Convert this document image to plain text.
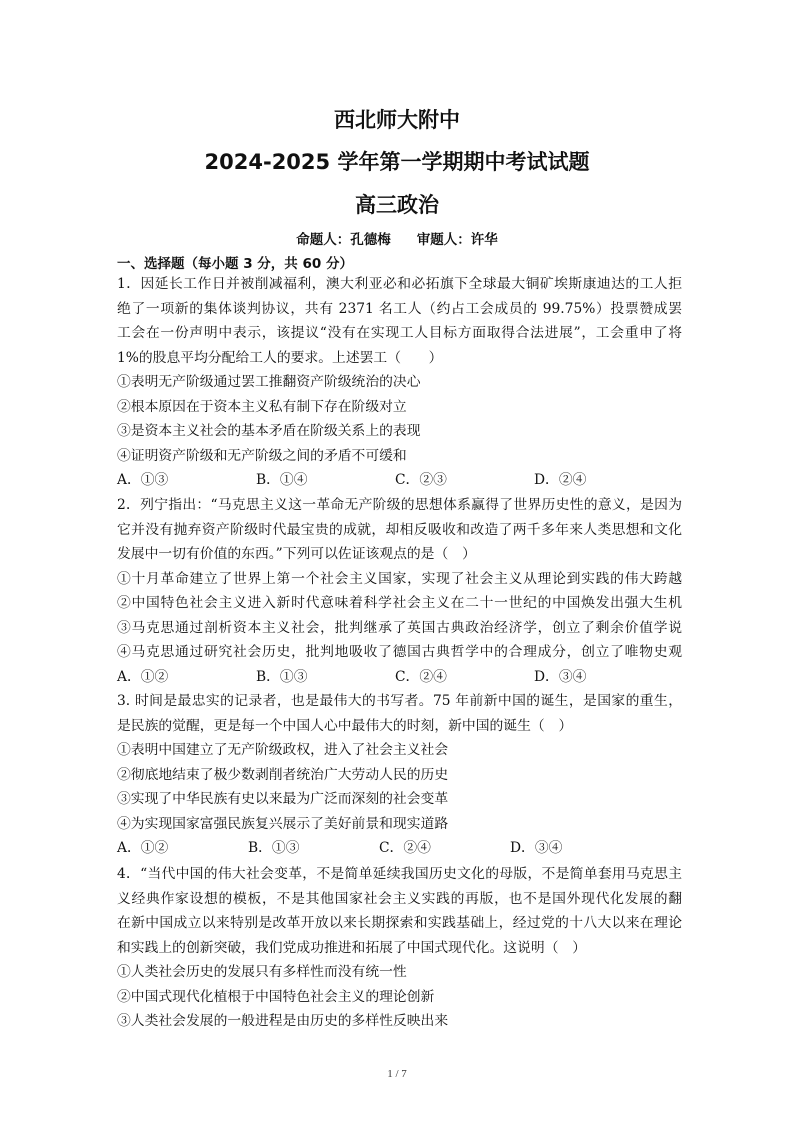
西北师大附中
2024-2025 学年第一学期期中考试试题
高三政治
命题人：孔德梅 审题人：许华
一、选择题（每小题 3 分，共 60 分）
1．因延长工作日并被削减福利，澳大利亚必和必拓旗下全球最大铜矿埃斯康迪达的工人拒
绝了一项新的集体谈判协议，共有 2371 名工人（约占工会成员的 99.75%）投票赞成罢
工会在一份声明中表示，该提议“没有在实现工人目标方面取得合法进展”，工会重申了将
1%的股息平均分配给工人的要求。上述罢工（　　）
①表明无产阶级通过罢工推翻资产阶级统治的决心
②根本原因在于资本主义私有制下存在阶级对立
③是资本主义社会的基本矛盾在阶级关系上的表现
④证明资产阶级和无产阶级之间的矛盾不可缓和
A．①③	B．①④	C．②③	D．②④
2．列宁指出：“马克思主义这一革命无产阶级的思想体系赢得了世界历史性的意义，是因为
它并没有抛弃资产阶级时代最宝贵的成就，却相反吸收和改造了两千多年来人类思想和文化
发展中一切有价值的东西。”下列可以佐证该观点的是（　）
①十月革命建立了世界上第一个社会主义国家，实现了社会主义从理论到实践的伟大跨越
②中国特色社会主义进入新时代意味着科学社会主义在二十一世纪的中国焕发出强大生机
③马克思通过剖析资本主义社会，批判继承了英国古典政治经济学，创立了剩余价值学说
④马克思通过研究社会历史，批判地吸收了德国古典哲学中的合理成分，创立了唯物史观
A．①②	B．①③	C．②④	D．③④
3. 时间是最忠实的记录者，也是最伟大的书写者。75 年前新中国的诞生，是国家的重生，
是民族的觉醒，更是每一个中国人心中最伟大的时刻，新中国的诞生（　）
①表明中国建立了无产阶级政权，进入了社会主义社会
②彻底地结束了极少数剥削者统治广大劳动人民的历史
③实现了中华民族有史以来最为广泛而深刻的社会变革
④为实现国家富强民族复兴展示了美好前景和现实道路
A．①②	B．①③	C．②④	D．③④
4．“当代中国的伟大社会变革，不是简单延续我国历史文化的母版，不是简单套用马克思主
义经典作家设想的模板，不是其他国家社会主义实践的再版，也不是国外现代化发展的翻
在新中国成立以来特别是改革开放以来长期探索和实践基础上，经过党的十八大以来在理论
和实践上的创新突破，我们党成功推进和拓展了中国式现代化。这说明（　）
①人类社会历史的发展只有多样性而没有统一性
②中国式现代化植根于中国特色社会主义的理论创新
③人类社会发展的一般进程是由历史的多样性反映出来
1 / 7
